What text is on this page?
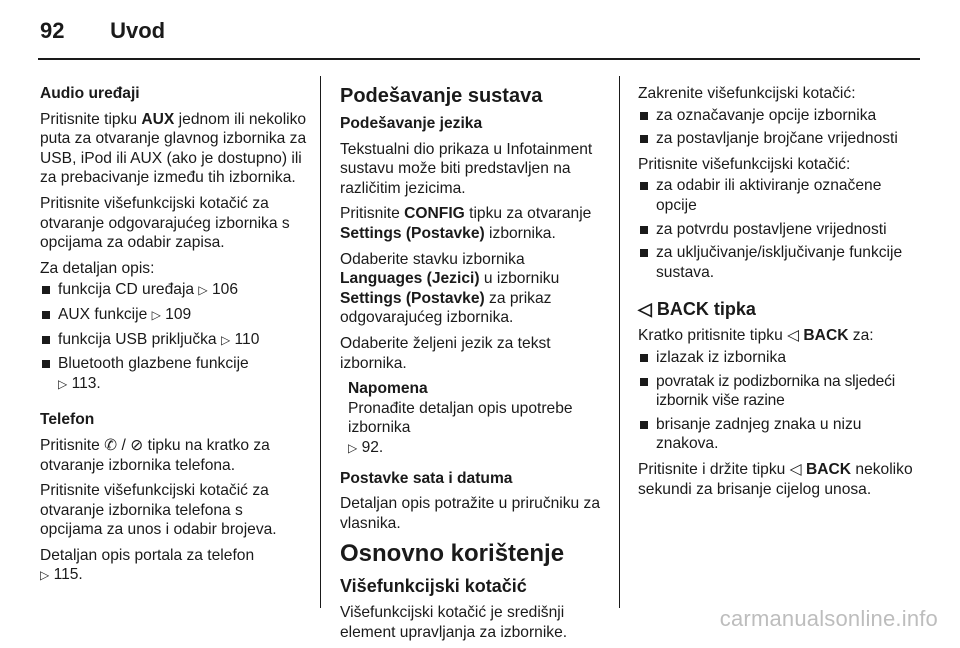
92 Uvod

Audio uređaji

Pritisnite tipku AUX jednom ili nekoliko puta za otvaranje glavnog izbornika za USB, iPod ili AUX (ako je dostupno) ili za prebacivanje između tih izbornika.

Pritisnite višefunkcijski kotačić za otvaranje odgovarajućeg izbornika s opcijama za odabir zapisa.

Za detaljan opis:

funkcija CD uređaja ▷ 106
AUX funkcije ▷ 109
funkcija USB priključka ▷ 110
Bluetooth glazbene funkcije
▷ 113.

Telefon

Pritisnite ✆ / ⊘ tipku na kratko za otvaranje izbornika telefona.

Pritisnite višefunkcijski kotačić za otvaranje izbornika telefona s opcijama za unos i odabir brojeva.

Detaljan opis portala za telefon
▷ 115.

Podešavanje sustava

Podešavanje jezika

Tekstualni dio prikaza u Infotainment sustavu može biti predstavljen na različitim jezicima.

Pritisnite CONFIG tipku za otvaranje Settings (Postavke) izbornika.

Odaberite stavku izbornika Languages (Jezici) u izborniku Settings (Postavke) za prikaz odgovarajućeg izbornika.

Odaberite željeni jezik za tekst izbornika.

Napomena
Pronađite detaljan opis upotrebe izbornika
▷ 92.

Postavke sata i datuma

Detaljan opis potražite u priručniku za vlasnika.

Osnovno korištenje

Višefunkcijski kotačić

Višefunkcijski kotačić je središnji element upravljanja za izbornike.

Zakrenite višefunkcijski kotačić:

za označavanje opcije izbornika
za postavljanje brojčane vrijednosti

Pritisnite višefunkcijski kotačić:

za odabir ili aktiviranje označene opcije
za potvrdu postavljene vrijednosti
za uključivanje/isključivanje funkcije sustava.

◁ BACK tipka

Kratko pritisnite tipku ◁ BACK za:

izlazak iz izbornika
povratak iz podizbornika na sljedeći izbornik više razine
brisanje zadnjeg znaka u nizu znakova.

Pritisnite i držite tipku ◁ BACK nekoliko sekundi za brisanje cijelog unosa.

carmanualsonline.info
